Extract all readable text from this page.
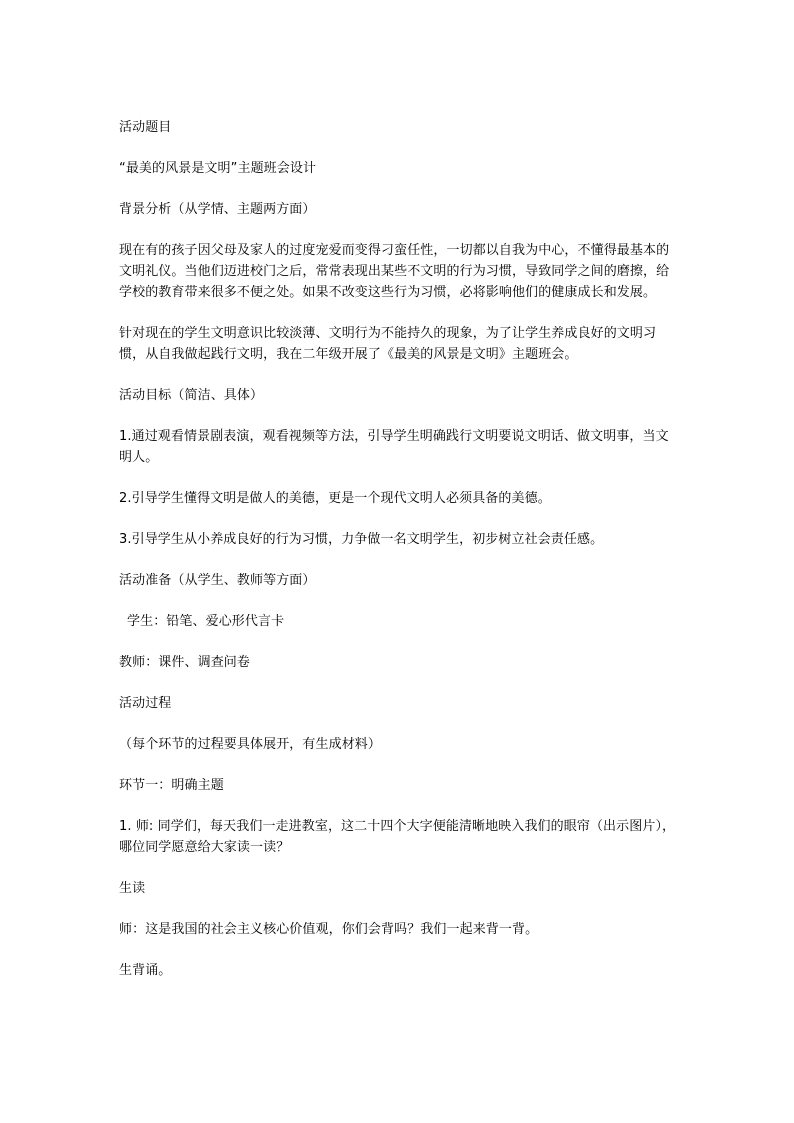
活动题目

“最美的风景是文明”主题班会设计

背景分析（从学情、主题两方面）

现在有的孩子因父母及家人的过度宠爱而变得刁蛮任性，一切都以自我为中心，不懂得最基本的文明礼仪。当他们迈进校门之后，常常表现出某些不文明的行为习惯，导致同学之间的磨擦，给学校的教育带来很多不便之处。如果不改变这些行为习惯，必将影响他们的健康成长和发展。

针对现在的学生文明意识比较淡薄、文明行为不能持久的现象，为了让学生养成良好的文明习惯，从自我做起践行文明，我在二年级开展了《最美的风景是文明》主题班会。

活动目标（简洁、具体）

1.通过观看情景剧表演，观看视频等方法，引导学生明确践行文明要说文明话、做文明事，当文明人。

2.引导学生懂得文明是做人的美德，更是一个现代文明人必须具备的美德。

3.引导学生从小养成良好的行为习惯，力争做一名文明学生，初步树立社会责任感。

活动准备（从学生、教师等方面）

学生：铅笔、爱心形代言卡

教师：课件、调查问卷

活动过程

（每个环节的过程要具体展开，有生成材料）

环节一：明确主题

1. 师: 同学们，每天我们一走进教室，这二十四个大字便能清晰地映入我们的眼帘（出示图片），哪位同学愿意给大家读一读？

生读

师：这是我国的社会主义核心价值观，你们会背吗？我们一起来背一背。

生背诵。
